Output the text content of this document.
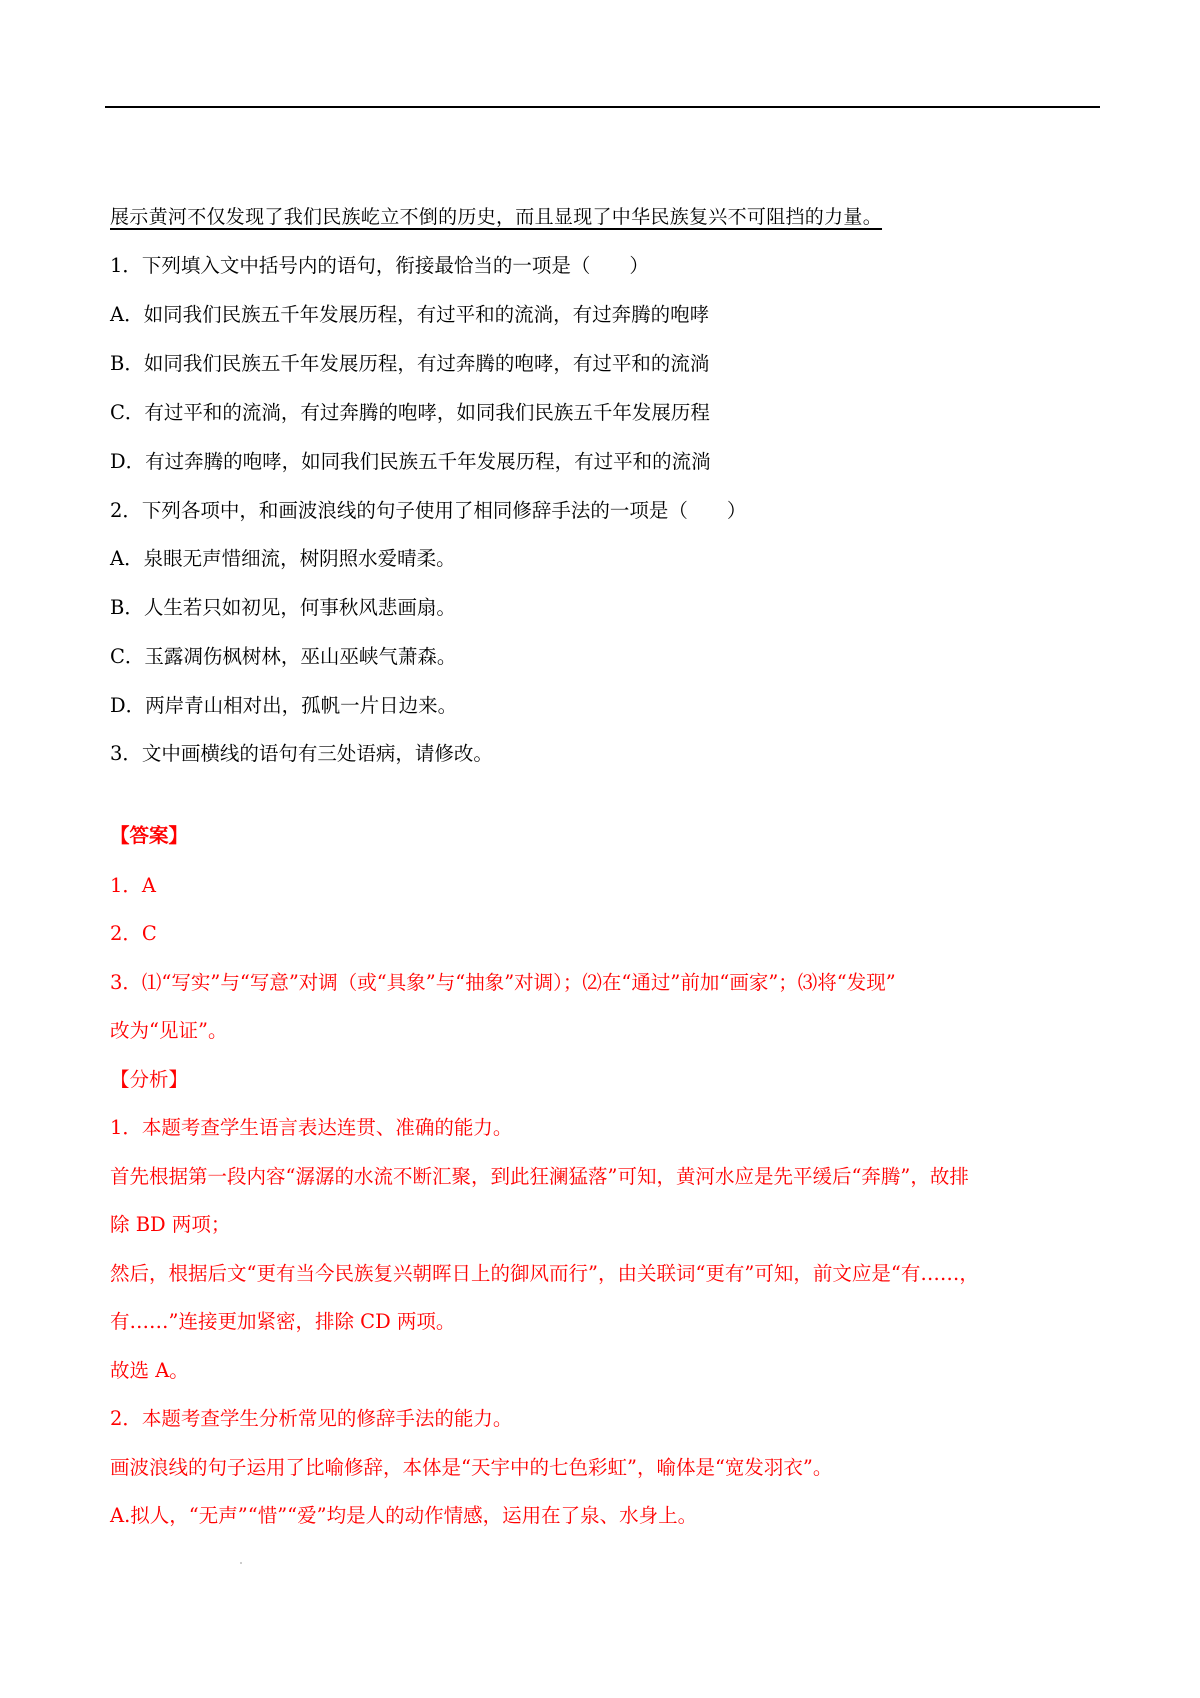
展示黄河不仅发现了我们民族屹立不倒的历史，而且显现了中华民族复兴不可阻挡的力量。
1．下列填入文中括号内的语句，衔接最恰当的一项是（　　）
A．如同我们民族五千年发展历程，有过平和的流淌，有过奔腾的咆哮
B．如同我们民族五千年发展历程，有过奔腾的咆哮，有过平和的流淌
C．有过平和的流淌，有过奔腾的咆哮，如同我们民族五千年发展历程
D．有过奔腾的咆哮，如同我们民族五千年发展历程，有过平和的流淌
2．下列各项中，和画波浪线的句子使用了相同修辞手法的一项是（　　）
A．泉眼无声惜细流，树阴照水爱晴柔。
B．人生若只如初见，何事秋风悲画扇。
C．玉露凋伤枫树林，巫山巫峡气萧森。
D．两岸青山相对出，孤帆一片日边来。
3．文中画横线的语句有三处语病，请修改。
【答案】
1．A
2．C
3．⑴“写实”与“写意”对调（或“具象”与“抽象”对调）；⑵在“通过”前加“画家”；⑶将“发现”
改为“见证”。
【分析】
1．本题考查学生语言表达连贯、准确的能力。
首先根据第一段内容“潺潺的水流不断汇聚，到此狂澜猛落”可知，黄河水应是先平缓后“奔腾”，故排
除 BD 两项；
然后，根据后文“更有当今民族复兴朝晖日上的御风而行”，由关联词“更有”可知，前文应是“有……，
有……”连接更加紧密，排除 CD 两项。
故选 A。
2．本题考查学生分析常见的修辞手法的能力。
画波浪线的句子运用了比喻修辞，本体是“天宇中的七色彩虹”，喻体是“宽发羽衣”。
A.拟人，“无声”“惜”“爱”均是人的动作情感，运用在了泉、水身上。
